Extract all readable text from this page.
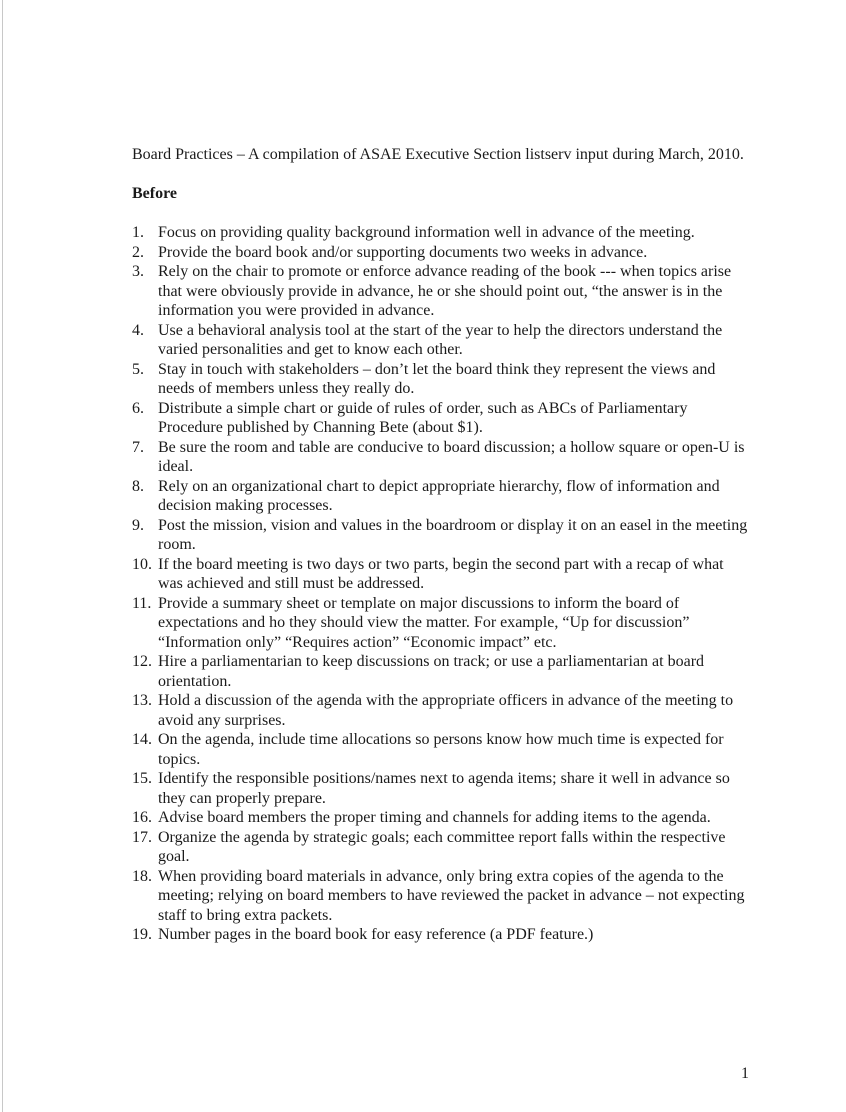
Board Practices – A compilation of ASAE Executive Section listserv input during March, 2010.

Before

1. Focus on providing quality background information well in advance of the meeting.
2. Provide the board book and/or supporting documents two weeks in advance.
3. Rely on the chair to promote or enforce advance reading of the book --- when topics arise that were obviously provide in advance, he or she should point out, “the answer is in the information you were provided in advance.
4. Use a behavioral analysis tool at the start of the year to help the directors understand the varied personalities and get to know each other.
5. Stay in touch with stakeholders – don’t let the board think they represent the views and needs of members unless they really do.
6. Distribute a simple chart or guide of rules of order, such as ABCs of Parliamentary Procedure published by Channing Bete (about $1).
7. Be sure the room and table are conducive to board discussion; a hollow square or open-U is ideal.
8. Rely on an organizational chart to depict appropriate hierarchy, flow of information and decision making processes.
9. Post the mission, vision and values in the boardroom or display it on an easel in the meeting room.
10. If the board meeting is two days or two parts, begin the second part with a recap of what was achieved and still must be addressed.
11. Provide a summary sheet or template on major discussions to inform the board of expectations and ho they should view the matter. For example, “Up for discussion” “Information only” “Requires action” “Economic impact” etc.
12. Hire a parliamentarian to keep discussions on track; or use a parliamentarian at board orientation.
13. Hold a discussion of the agenda with the appropriate officers in advance of the meeting to avoid any surprises.
14. On the agenda, include time allocations so persons know how much time is expected for topics.
15. Identify the responsible positions/names next to agenda items; share it well in advance so they can properly prepare.
16. Advise board members the proper timing and channels for adding items to the agenda.
17. Organize the agenda by strategic goals; each committee report falls within the respective goal.
18. When providing board materials in advance, only bring extra copies of the agenda to the meeting; relying on board members to have reviewed the packet in advance – not expecting staff to bring extra packets.
19. Number pages in the board book for easy reference (a PDF feature.)
1
